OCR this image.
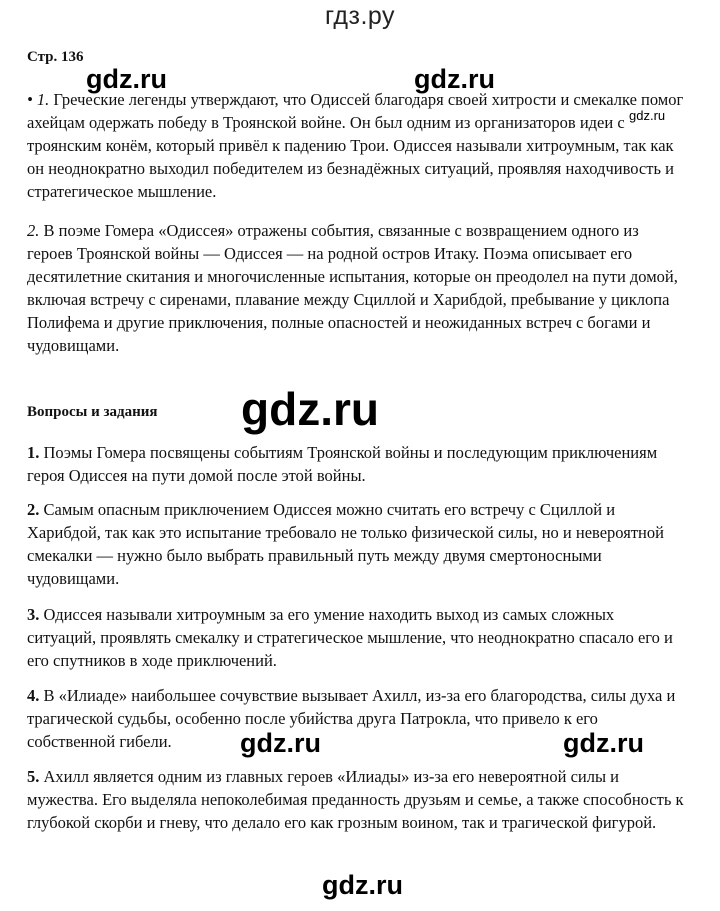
гдз.ру
Стр. 136
gdz.ru	gdz.ru
gdz.ru
• 1. Греческие легенды утверждают, что Одиссей благодаря своей хитрости и смекалке помог ахейцам одержать победу в Троянской войне. Он был одним из организаторов идеи с троянским конём, который привёл к падению Трои. Одиссея называли хитроумным, так как он неоднократно выходил победителем из безнадёжных ситуаций, проявляя находчивость и стратегическое мышление.
2. В поэме Гомера «Одиссея» отражены события, связанные с возвращением одного из героев Троянской войны — Одиссея — на родной остров Итаку. Поэма описывает его десятилетние скитания и многочисленные испытания, которые он преодолел на пути домой, включая встречу с сиренами, плавание между Сциллой и Харибдой, пребывание у циклопа Полифема и другие приключения, полные опасностей и неожиданных встреч с богами и чудовищами.
gdz.ru
Вопросы и задания
1. Поэмы Гомера посвящены событиям Троянской войны и последующим приключениям героя Одиссея на пути домой после этой войны.
2. Самым опасным приключением Одиссея можно считать его встречу с Сциллой и Харибдой, так как это испытание требовало не только физической силы, но и невероятной смекалки — нужно было выбрать правильный путь между двумя смертоносными чудовищами.
3. Одиссея называли хитроумным за его умение находить выход из самых сложных ситуаций, проявлять смекалку и стратегическое мышление, что неоднократно спасало его и его спутников в ходе приключений.
4. В «Илиаде» наибольшее сочувствие вызывает Ахилл, из-за его благородства, силы духа и трагической судьбы, особенно после убийства друга Патрокла, что привело к его собственной гибели.	gdz.ru	gdz.ru
5. Ахилл является одним из главных героев «Илиады» из-за его невероятной силы и мужества. Его выделяла непоколебимая преданность друзьям и семье, а также способность к глубокой скорби и гневу, что делало его как грозным воином, так и трагической фигурой.
gdz.ru
